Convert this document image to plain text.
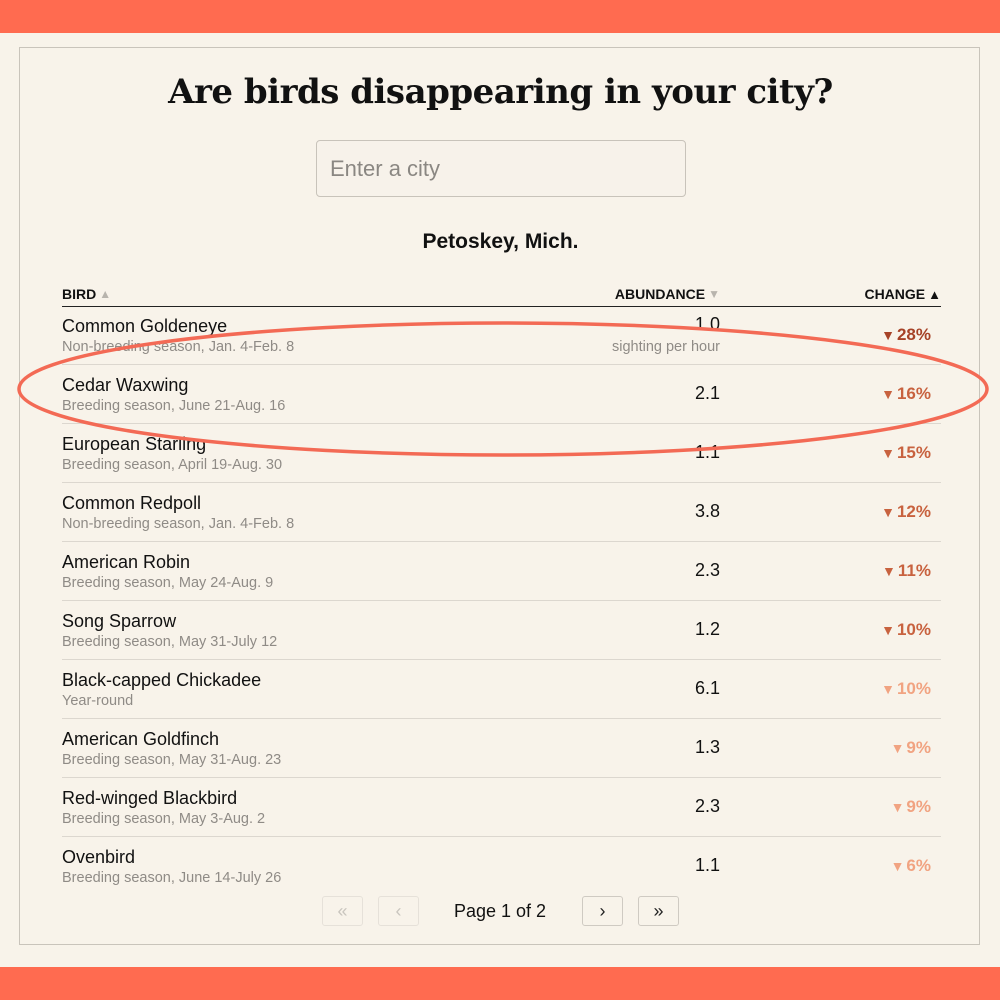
Are birds disappearing in your city?
Enter a city
Petoskey, Mich.
BIRD ▲	ABUNDANCE ▼	CHANGE ▲
Common Goldeneye
Non-breeding season, Jan. 4-Feb. 8
1.0
sighting per hour
▼ 28%
Cedar Waxwing
Breeding season, June 21-Aug. 16
2.1	▼ 16%
European Starling
Breeding season, April 19-Aug. 30
1.1	▼ 15%
Common Redpoll
Non-breeding season, Jan. 4-Feb. 8
3.8	▼ 12%
American Robin
Breeding season, May 24-Aug. 9
2.3	▼ 11%
Song Sparrow
Breeding season, May 31-July 12
1.2	▼ 10%
Black-capped Chickadee
Year-round
6.1	▼ 10%
American Goldfinch
Breeding season, May 31-Aug. 23
1.3	▼ 9%
Red-winged Blackbird
Breeding season, May 3-Aug. 2
2.3	▼ 9%
Ovenbird
Breeding season, June 14-July 26
1.1	▼ 6%
«	‹	Page 1 of 2	›	»
